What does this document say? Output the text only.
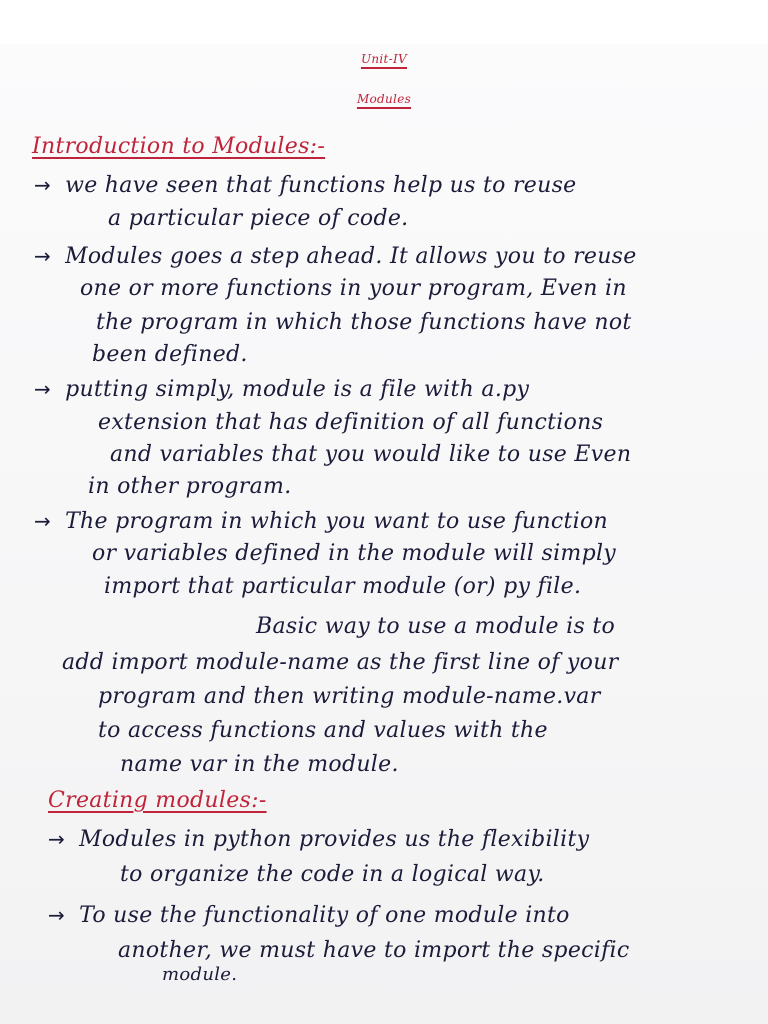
Unit-IV
Modules
Introduction to Modules:-
→ we have seen that functions help us to reuse
a particular piece of code.
→ Modules goes a step ahead. It allows you to reuse
one or more functions in your program, Even in
the program in which those functions have not
been defined.
→ putting simply, module is a file with a.py
extension that has definition of all functions
and variables that you would like to use Even
in other program.
→ The program in which you want to use function
or variables defined in the module will simply
import that particular module (or) py file.
Basic way to use a module is to
add import module-name as the first line of your
program and then writing module-name.var
to access functions and values with the
name var in the module.
Creating modules:-
→ Modules in python provides us the flexibility
to organize the code in a logical way.
→ To use the functionality of one module into
another, we must have to import the specific
module.
